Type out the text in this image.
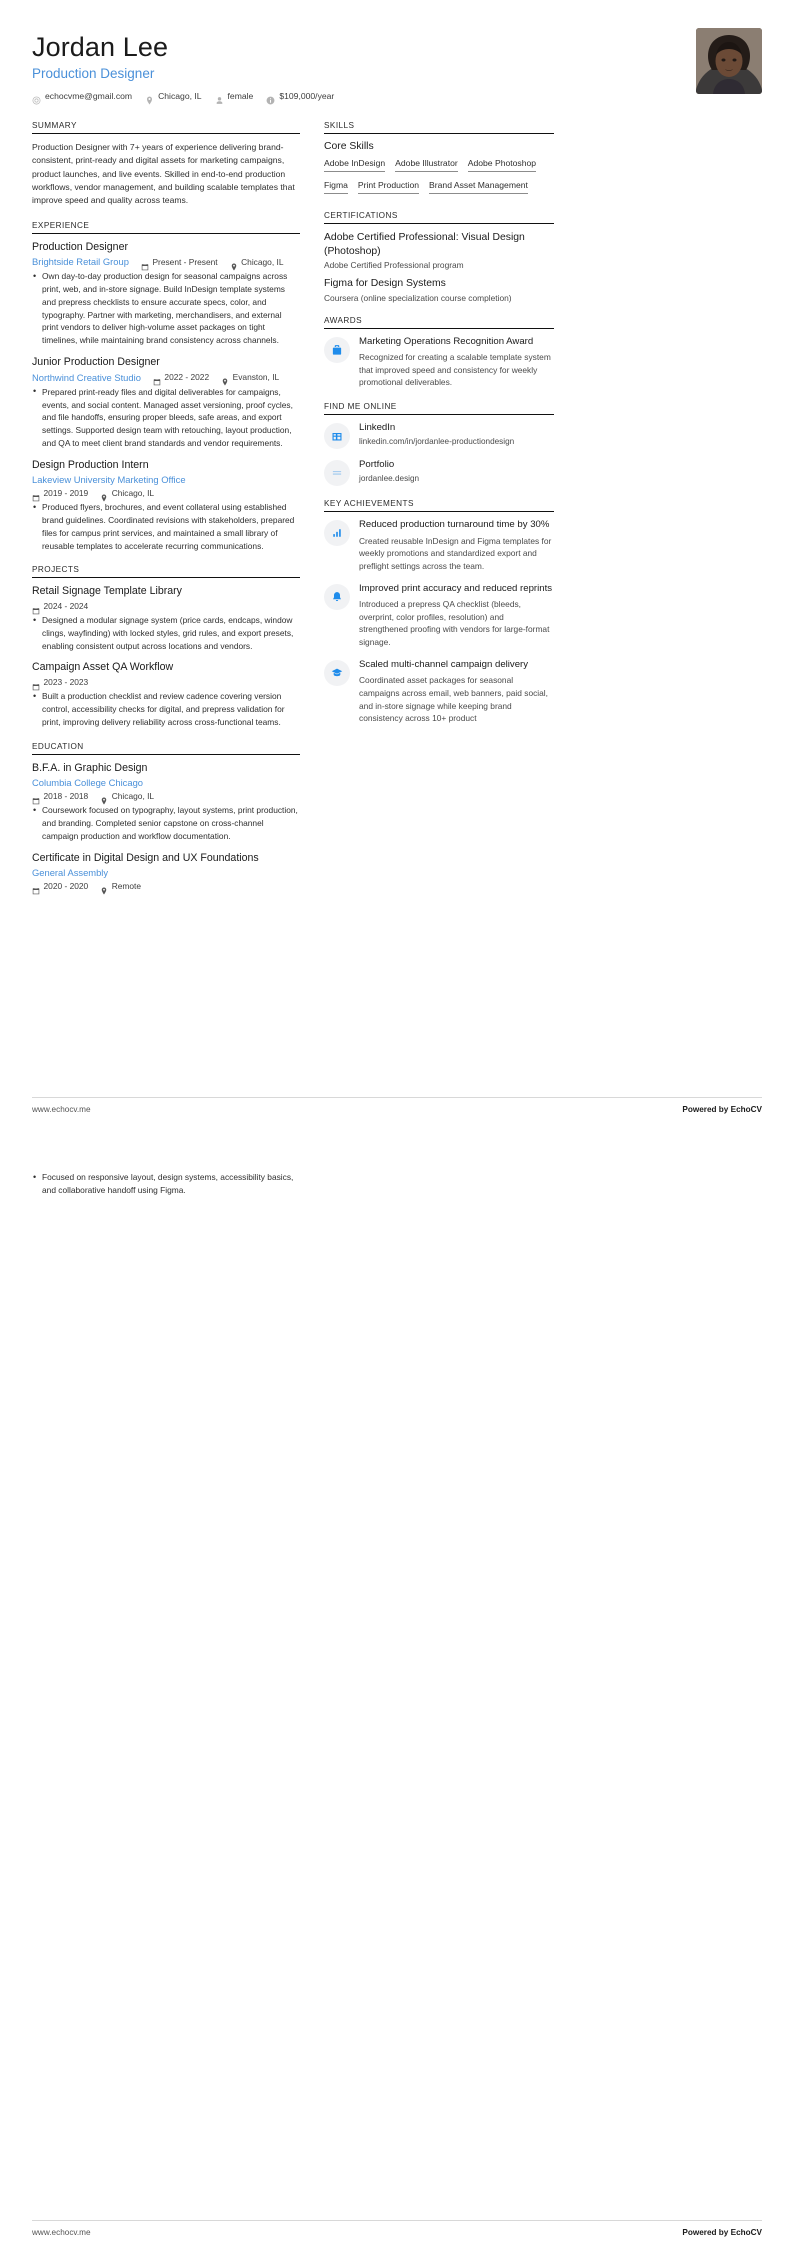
Jordan Lee
Production Designer
echocvme@gmail.com	Chicago, IL	female	$109,000/year
SUMMARY
Production Designer with 7+ years of experience delivering brand-consistent, print-ready and digital assets for marketing campaigns, product launches, and live events. Skilled in end-to-end production workflows, vendor management, and building scalable templates that improve speed and quality across teams.
EXPERIENCE
Production Designer
Brightside Retail Group	Present - Present	Chicago, IL
• Own day-to-day production design for seasonal campaigns across print, web, and in-store signage. Build InDesign template systems and prepress checklists to ensure accurate specs, color, and typography. Partner with marketing, merchandisers, and external print vendors to deliver high-volume asset packages on tight timelines, while maintaining brand consistency across channels.
Junior Production Designer
Northwind Creative Studio	2022 - 2022	Evanston, IL
• Prepared print-ready files and digital deliverables for campaigns, events, and social content. Managed asset versioning, proof cycles, and file handoffs, ensuring proper bleeds, safe areas, and export settings. Supported design team with retouching, layout production, and QA to meet client brand standards and vendor requirements.
Design Production Intern
Lakeview University Marketing Office
2019 - 2019	Chicago, IL
• Produced flyers, brochures, and event collateral using established brand guidelines. Coordinated revisions with stakeholders, prepared files for campus print services, and maintained a small library of reusable templates to accelerate recurring communications.
PROJECTS
Retail Signage Template Library
2024 - 2024
• Designed a modular signage system (price cards, endcaps, window clings, wayfinding) with locked styles, grid rules, and export presets, enabling consistent output across locations and vendors.
Campaign Asset QA Workflow
2023 - 2023
• Built a production checklist and review cadence covering version control, accessibility checks for digital, and prepress validation for print, improving delivery reliability across cross-functional teams.
EDUCATION
B.F.A. in Graphic Design
Columbia College Chicago
2018 - 2018	Chicago, IL
• Coursework focused on typography, layout systems, print production, and branding. Completed senior capstone on cross-channel campaign production and workflow documentation.
Certificate in Digital Design and UX Foundations
General Assembly
2020 - 2020	Remote
SKILLS
Core Skills
Adobe InDesign Adobe Illustrator Adobe Photoshop
Figma Print Production Brand Asset Management
CERTIFICATIONS
Adobe Certified Professional: Visual Design (Photoshop)
Adobe Certified Professional program
Figma for Design Systems
Coursera (online specialization course completion)
AWARDS
Marketing Operations Recognition Award
Recognized for creating a scalable template system that improved speed and consistency for weekly promotional deliverables.
FIND ME ONLINE
LinkedIn
linkedin.com/in/jordanlee-productiondesign
Portfolio
jordanlee.design
KEY ACHIEVEMENTS
Reduced production turnaround time by 30%
Created reusable InDesign and Figma templates for weekly promotions and standardized export and preflight settings across the team.
Improved print accuracy and reduced reprints
Introduced a prepress QA checklist (bleeds, overprint, color profiles, resolution) and strengthened proofing with vendors for large-format signage.
Scaled multi-channel campaign delivery
Coordinated asset packages for seasonal campaigns across email, web banners, paid social, and in-store signage while keeping brand consistency across 10+ product
www.echocv.me	Powered by EchoCV
• Focused on responsive layout, design systems, accessibility basics, and collaborative handoff using Figma.
www.echocv.me	Powered by EchoCV
